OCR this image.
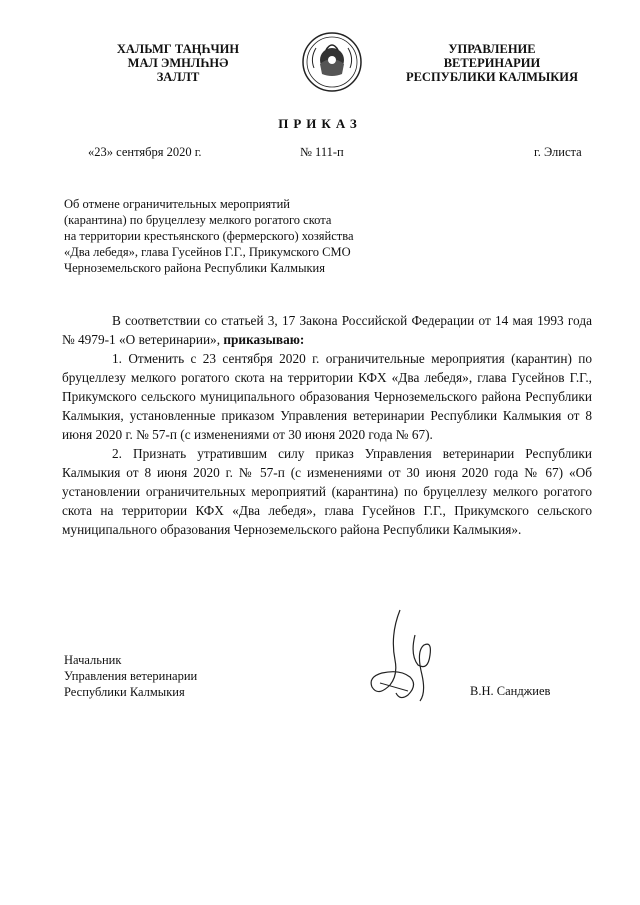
ХАЛЬМГ ТАҢҺЧИН
МАЛ ЭМНЛҺНӘ
ЗАЛЛТ
УПРАВЛЕНИЕ
ВЕТЕРИНАРИИ
РЕСПУБЛИКИ КАЛМЫКИЯ
ПРИКАЗ
«23» сентября 2020 г.	№ 111-п	г. Элиста
Об отмене ограничительных мероприятий
(карантина) по бруцеллезу мелкого рогатого скота
на территории крестьянского (фермерского) хозяйства
«Два лебедя», глава Гусейнов Г.Г., Прикумского СМО
Черноземельского района Республики Калмыкия

В соответствии со статьей 3, 17 Закона Российской Федерации от 14 мая 1993 года № 4979-1 «О ветеринарии», приказываю:

1. Отменить с 23 сентября 2020 г. ограничительные мероприятия (карантин) по бруцеллезу мелкого рогатого скота на территории КФХ «Два лебедя», глава Гусейнов Г.Г., Прикумского сельского муниципального образования Черноземельского района Республики Калмыкия, установленные приказом Управления ветеринарии Республики Калмыкия от 8 июня 2020 г. № 57-п (с изменениями от 30 июня 2020 года № 67).

2. Признать утратившим силу приказ Управления ветеринарии Республики Калмыкия от 8 июня 2020 г. № 57-п (с изменениями от 30 июня 2020 года № 67) «Об установлении ограничительных мероприятий (карантина) по бруцеллезу мелкого рогатого скота на территории КФХ «Два лебедя», глава Гусейнов Г.Г., Прикумского сельского муниципального образования Черноземельского района Республики Калмыкия».

Начальник
Управления ветеринарии
Республики Калмыкия	В.Н. Санджиев
